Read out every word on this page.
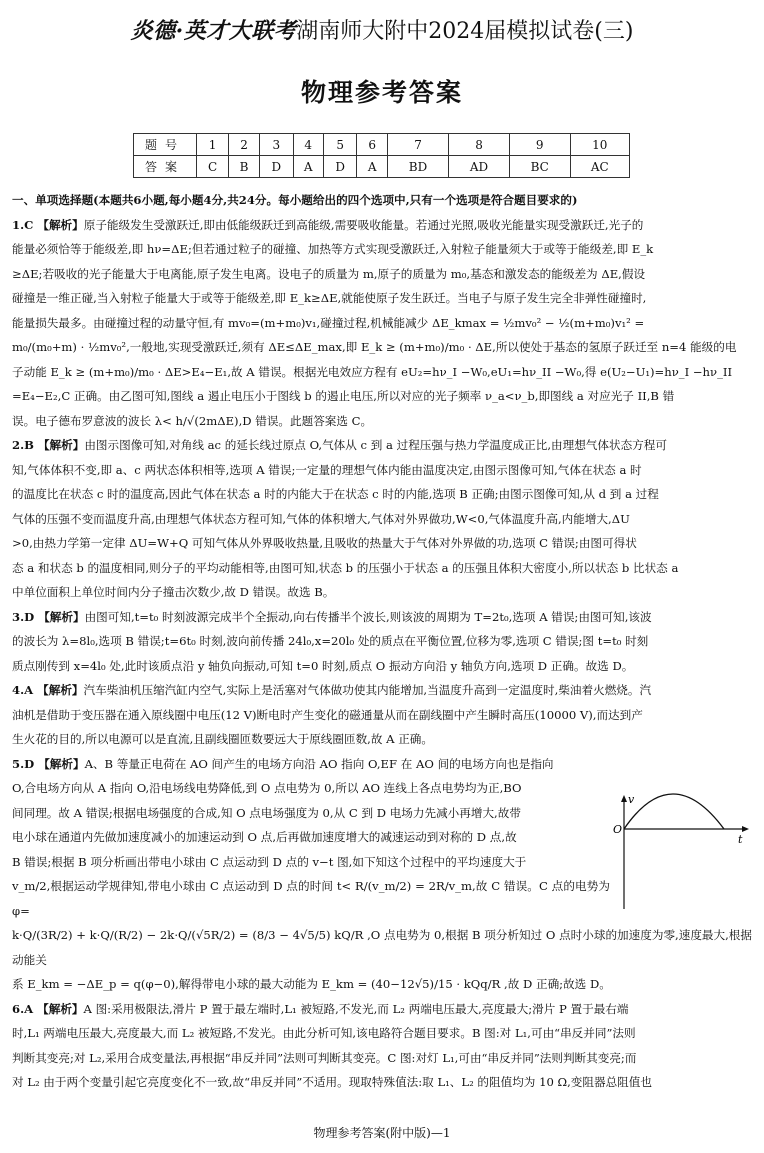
炎德·英才大联考湖南师大附中2024届模拟试卷(三)
物理参考答案
题号	1	2	3	4	5	6	7	8	9	10
答案	C	B	D	A	D	A	BD	AD	BC	AC
一、单项选择题(本题共6小题,每小题4分,共24分。每小题给出的四个选项中,只有一个选项是符合题目要求的)
1.C 【解析】原子能级发生受激跃迁,即由低能级跃迁到高能级,需要吸收能量。若通过光照,吸收光能量实现受激跃迁,光子的
能量必须恰等于能级差,即 hν=ΔE;但若通过粒子的碰撞、加热等方式实现受激跃迁,入射粒子能量须大于或等于能级差,即 E_k
≥ΔE;若吸收的光子能量大于电离能,原子发生电离。设电子的质量为 m,原子的质量为 m₀,基态和激发态的能级差为 ΔE,假设
碰撞是一维正碰,当入射粒子能量大于或等于能级差,即 E_k≥ΔE,就能使原子发生跃迁。当电子与原子发生完全非弹性碰撞时,
能量损失最多。由碰撞过程的动量守恒,有 mv₀=(m+m₀)v₁,碰撞过程,机械能减少 ΔE_kmax = ½mv₀² − ½(m+m₀)v₁² =
m₀/(m₀+m) · ½mv₀²,一般地,实现受激跃迁,须有 ΔE≤ΔE_max,即 E_k ≥ (m+m₀)/m₀ · ΔE,所以使处于基态的氢原子跃迁至 n=4 能级的电
子动能 E_k ≥ (m+m₀)/m₀ · ΔE>E₄−E₁,故 A 错误。根据光电效应方程有 eU₂=hν_I −W₀,eU₁=hν_II −W₀,得 e(U₂−U₁)=hν_I −hν_II
=E₄−E₂,C 正确。由乙图可知,图线 a 遏止电压小于图线 b 的遏止电压,所以对应的光子频率 ν_a<ν_b,即图线 a 对应光子 II,B 错
误。电子德布罗意波的波长 λ< h/√(2mΔE),D 错误。此题答案选 C。
2.B 【解析】由图示图像可知,对角线 ac 的延长线过原点 O,气体从 c 到 a 过程压强与热力学温度成正比,由理想气体状态方程可
知,气体体积不变,即 a、c 两状态体积相等,选项 A 错误;一定量的理想气体内能由温度决定,由图示图像可知,气体在状态 a 时
的温度比在状态 c 时的温度高,因此气体在状态 a 时的内能大于在状态 c 时的内能,选项 B 正确;由图示图像可知,从 d 到 a 过程
气体的压强不变而温度升高,由理想气体状态方程可知,气体的体积增大,气体对外界做功,W<0,气体温度升高,内能增大,ΔU
>0,由热力学第一定律 ΔU=W+Q 可知气体从外界吸收热量,且吸收的热量大于气体对外界做的功,选项 C 错误;由图可得状
态 a 和状态 b 的温度相同,则分子的平均动能相等,由图可知,状态 b 的压强小于状态 a 的压强且体积大密度小,所以状态 b 比状态 a
中单位面积上单位时间内分子撞击次数少,故 D 错误。故选 B。
3.D 【解析】由图可知,t=t₀ 时刻波源完成半个全振动,向右传播半个波长,则该波的周期为 T=2t₀,选项 A 错误;由图可知,该波
的波长为 λ=8l₀,选项 B 错误;t=6t₀ 时刻,波向前传播 24l₀,x=20l₀ 处的质点在平衡位置,位移为零,选项 C 错误;图 t=t₀ 时刻
质点刚传到 x=4l₀ 处,此时该质点沿 y 轴负向振动,可知 t=0 时刻,质点 O 振动方向沿 y 轴负方向,选项 D 正确。故选 D。
4.A 【解析】汽车柴油机压缩汽缸内空气,实际上是活塞对气体做功使其内能增加,当温度升高到一定温度时,柴油着火燃烧。汽
油机是借助于变压器在通入原线圈中电压(12 V)断电时产生变化的磁通量从而在副线圈中产生瞬时高压(10000 V),而达到产
生火花的目的,所以电源可以是直流,且副线圈匝数要远大于原线圈匝数,故 A 正确。
5.D 【解析】A、B 等量正电荷在 AO 间产生的电场方向沿 AO 指向 O,EF 在 AO 间的电场方向也是指向
O,合电场方向从 A 指向 O,沿电场线电势降低,到 O 点电势为 0,所以 AO 连线上各点电势均为正,BO
间同理。故 A 错误;根据电场强度的合成,知 O 点电场强度为 0,从 C 到 D 电场力先减小再增大,故带
电小球在通道内先做加速度减小的加速运动到 O 点,后再做加速度增大的减速运动到对称的 D 点,故
B 错误;根据 B 项分析画出带电小球由 C 点运动到 D 点的 v−t 图,如下知这个过程中的平均速度大于
v_m/2,根据运动学规律知,带电小球由 C 点运动到 D 点的时间 t< R/(v_m/2) = 2R/v_m,故 C 错误。C 点的电势为 φ=
k·Q/(3R/2) + k·Q/(R/2) − 2k·Q/(√5R/2) = (8/3 − 4√5/5) kQ/R ,O 点电势为 0,根据 B 项分析知过 O 点时小球的加速度为零,速度最大,根据动能关
系 E_km = −ΔE_p = q(φ−0),解得带电小球的最大动能为 E_km = (40−12√5)/15 · kQq/R ,故 D 正确;故选 D。
6.A 【解析】A 图:采用极限法,滑片 P 置于最左端时,L₁ 被短路,不发光,而 L₂ 两端电压最大,亮度最大;滑片 P 置于最右端
时,L₁ 两端电压最大,亮度最大,而 L₂ 被短路,不发光。由此分析可知,该电路符合题目要求。B 图:对 L₁,可由“串反并同”法则
判断其变亮;对 L₂,采用合成变量法,再根据“串反并同”法则可判断其变亮。C 图:对灯 L₁,可由“串反并同”法则判断其变亮;而
对 L₂ 由于两个变量引起它亮度变化不一致,故“串反并同”不适用。现取特殊值法:取 L₁、L₂ 的阻值均为 10 Ω,变阻器总阻值也
v
t
O
物理参考答案(附中版)—1
